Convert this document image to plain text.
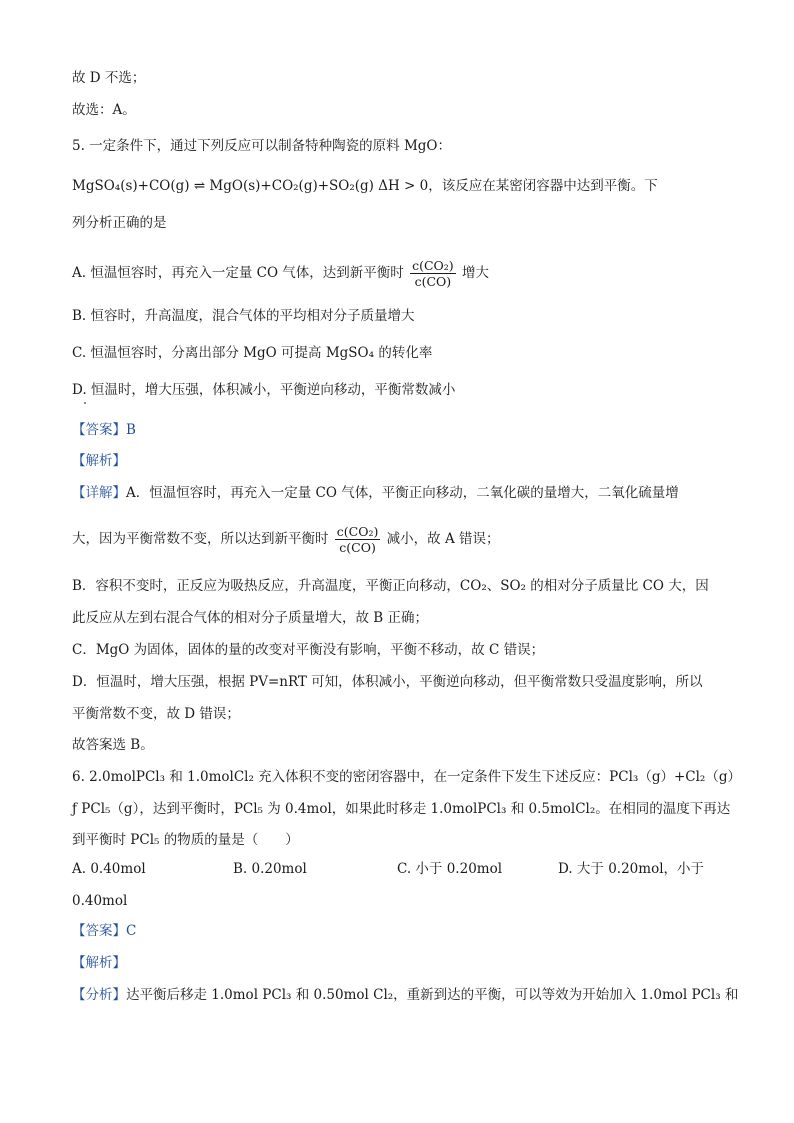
故 D 不选；
故选：A。
5. 一定条件下，通过下列反应可以制备特种陶瓷的原料 MgO：
MgSO₄(s)+CO(g) ⇌ MgO(s)+CO₂(g)+SO₂(g) ΔH > 0，该反应在某密闭容器中达到平衡。下
列分析正确的是
A. 恒温恒容时，再充入一定量 CO 气体，达到新平衡时 $\frac{\text{c(CO₂)}}{c(CO)}$ 增大
B. 恒容时，升高温度，混合气体的平均相对分子质量增大
C. 恒温恒容时，分离出部分 MgO 可提高 MgSO₄ 的转化率
D. 恒温时，增大压强，体积减小，平衡逆向移动，平衡常数减小
【答案】B
【解析】
【详解】A．恒温恒容时，再充入一定量 CO 气体，平衡正向移动，二氧化碳的量增大，二氧化硫量增
大，因为平衡常数不变，所以达到新平衡时 $\frac{\text{c(CO₂)}}{c(CO)}$ 减小，故 A 错误；
B．容积不变时，正反应为吸热反应，升高温度，平衡正向移动，CO₂、SO₂ 的相对分子质量比 CO 大，因
此反应从左到右混合气体的相对分子质量增大，故 B 正确；
C．MgO 为固体，固体的量的改变对平衡没有影响，平衡不移动，故 C 错误；
D．恒温时，增大压强，根据 PV=nRT 可知，体积减小，平衡逆向移动，但平衡常数只受温度影响，所以
平衡常数不变，故 D 错误；
故答案选 B。
6. 2.0molPCl₃ 和 1.0molCl₂ 充入体积不变的密闭容器中，在一定条件下发生下述反应：PCl₃（g）+Cl₂（g）
ƒ PCl₅（g），达到平衡时，PCl₅ 为 0.4mol，如果此时移走 1.0molPCl₃ 和 0.5molCl₂。在相同的温度下再达
到平衡时 PCl₅ 的物质的量是（　　）
A. 0.40mol	B. 0.20mol	C. 小于 0.20mol	D. 大于 0.20mol，小于
0.40mol
【答案】C
【解析】
【分析】达平衡后移走 1.0mol PCl₃ 和 0.50mol Cl₂，重新到达的平衡，可以等效为开始加入 1.0mol PCl₃ 和
